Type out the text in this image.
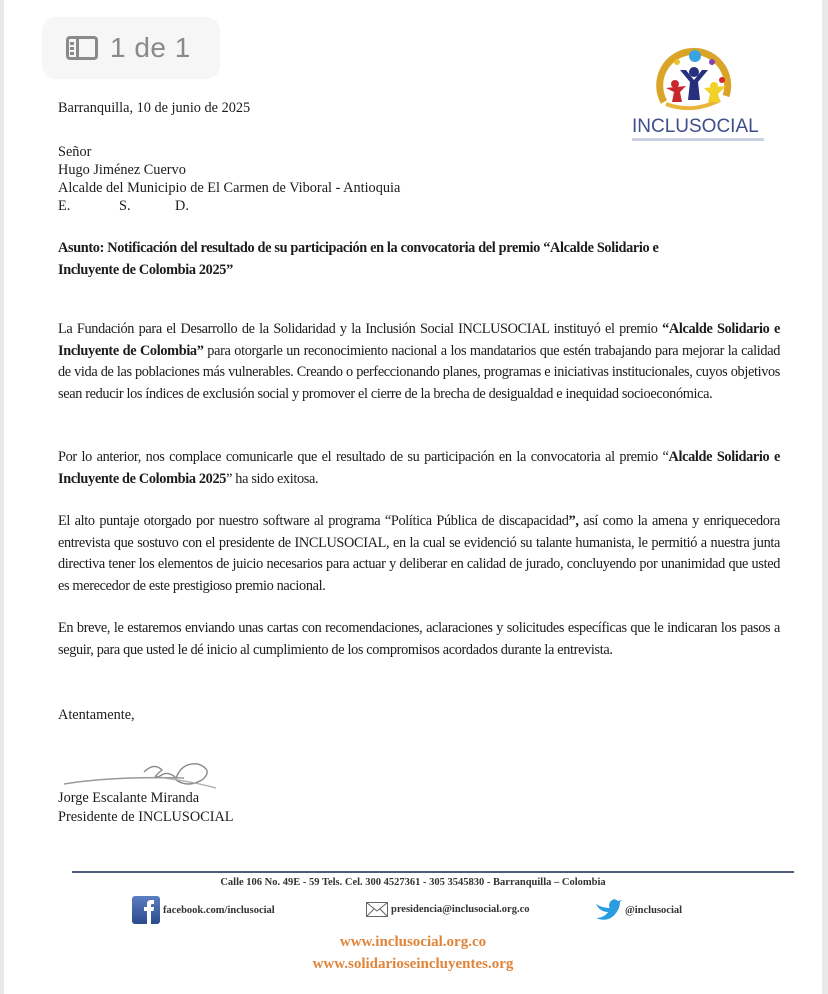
1 de 1
INCLUSOCIAL
Barranquilla, 10 de junio de 2025
Señor
Hugo Jiménez Cuervo
Alcalde del Municipio de El Carmen de Viboral - Antioquia
E.	S.	D.
Asunto: Notificación del resultado de su participación en la convocatoria del premio “Alcalde Solidario e
Incluyente de Colombia 2025”
La Fundación para el Desarrollo de la Solidaridad y la Inclusión Social INCLUSOCIAL instituyó el premio “Alcalde Solidario e Incluyente de Colombia” para otorgarle un reconocimiento nacional a los mandatarios que estén trabajando para mejorar la calidad de vida de las poblaciones más vulnerables. Creando o perfeccionando planes, programas e iniciativas institucionales, cuyos objetivos sean reducir los índices de exclusión social y promover el cierre de la brecha de desigualdad e inequidad socioeconómica.
Por lo anterior, nos complace comunicarle que el resultado de su participación en la convocatoria al premio “Alcalde Solidario e Incluyente de Colombia 2025” ha sido exitosa.
El alto puntaje otorgado por nuestro software al programa “Política Pública de discapacidad”, así como la amena y enriquecedora entrevista que sostuvo con el presidente de INCLUSOCIAL, en la cual se evidenció su talante humanista, le permitió a nuestra junta directiva tener los elementos de juicio necesarios para actuar y deliberar en calidad de jurado, concluyendo por unanimidad que usted es merecedor de este prestigioso premio nacional.
En breve, le estaremos enviando unas cartas con recomendaciones, aclaraciones y solicitudes específicas que le indicaran los pasos a seguir, para que usted le dé inicio al cumplimiento de los compromisos acordados durante la entrevista.
Atentamente,
Jorge Escalante Miranda
Presidente de INCLUSOCIAL
Calle 106 No. 49E - 59 Tels. Cel. 300 4527361 - 305 3545830 - Barranquilla – Colombia
facebook.com/inclusocial	presidencia@inclusocial.org.co	@inclusocial
www.inclusocial.org.co
www.solidarioseincluyentes.org
